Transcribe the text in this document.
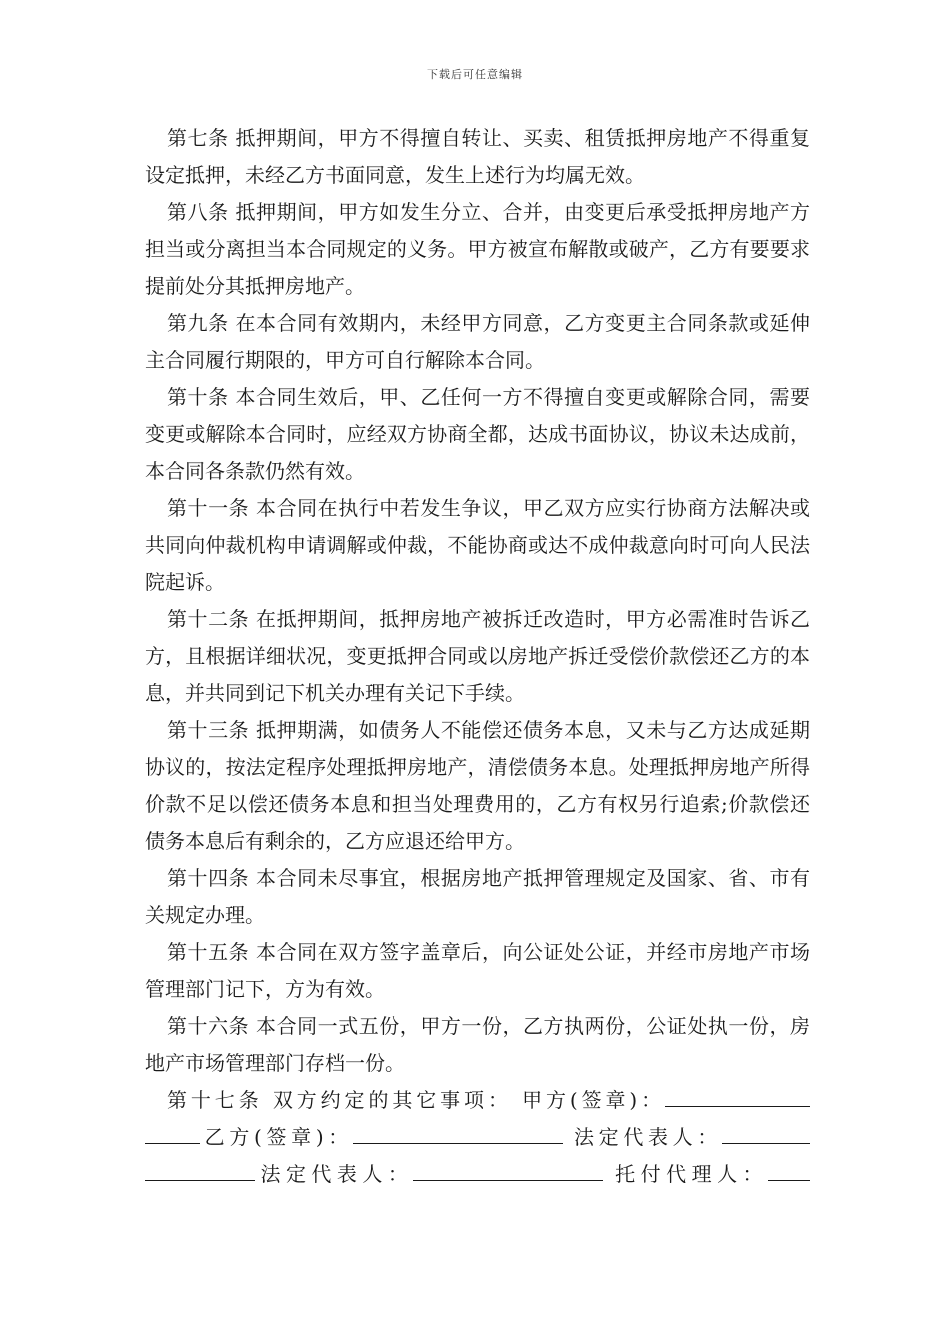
下载后可任意编辑

第七条 抵押期间，甲方不得擅自转让、买卖、租赁抵押房地产不得重复设定抵押，未经乙方书面同意，发生上述行为均属无效。

第八条 抵押期间，甲方如发生分立、合并，由变更后承受抵押房地产方担当或分离担当本合同规定的义务。甲方被宣布解散或破产，乙方有要要求提前处分其抵押房地产。

第九条 在本合同有效期内，未经甲方同意，乙方变更主合同条款或延伸主合同履行期限的，甲方可自行解除本合同。

第十条 本合同生效后，甲、乙任何一方不得擅自变更或解除合同，需要变更或解除本合同时，应经双方协商全都，达成书面协议，协议未达成前，本合同各条款仍然有效。

第十一条 本合同在执行中若发生争议，甲乙双方应实行协商方法解决或共同向仲裁机构申请调解或仲裁，不能协商或达不成仲裁意向时可向人民法院起诉。

第十二条 在抵押期间，抵押房地产被拆迁改造时，甲方必需准时告诉乙方，且根据详细状况，变更抵押合同或以房地产拆迁受偿价款偿还乙方的本息，并共同到记下机关办理有关记下手续。

第十三条 抵押期满，如债务人不能偿还债务本息，又未与乙方达成延期协议的，按法定程序处理抵押房地产，清偿债务本息。处理抵押房地产所得价款不足以偿还债务本息和担当处理费用的，乙方有权另行追索;价款偿还债务本息后有剩余的，乙方应退还给甲方。

第十四条 本合同未尽事宜，根据房地产抵押管理规定及国家、省、市有关规定办理。

第十五条 本合同在双方签字盖章后，向公证处公证，并经市房地产市场管理部门记下，方为有效。

第十六条 本合同一式五份，甲方一份，乙方执两份，公证处执一份，房地产市场管理部门存档一份。

第十七条 双方约定的其它事项： 甲方(签章)：

乙方(签章)：	法定代表人：

法定代表人：	托付代理人：
